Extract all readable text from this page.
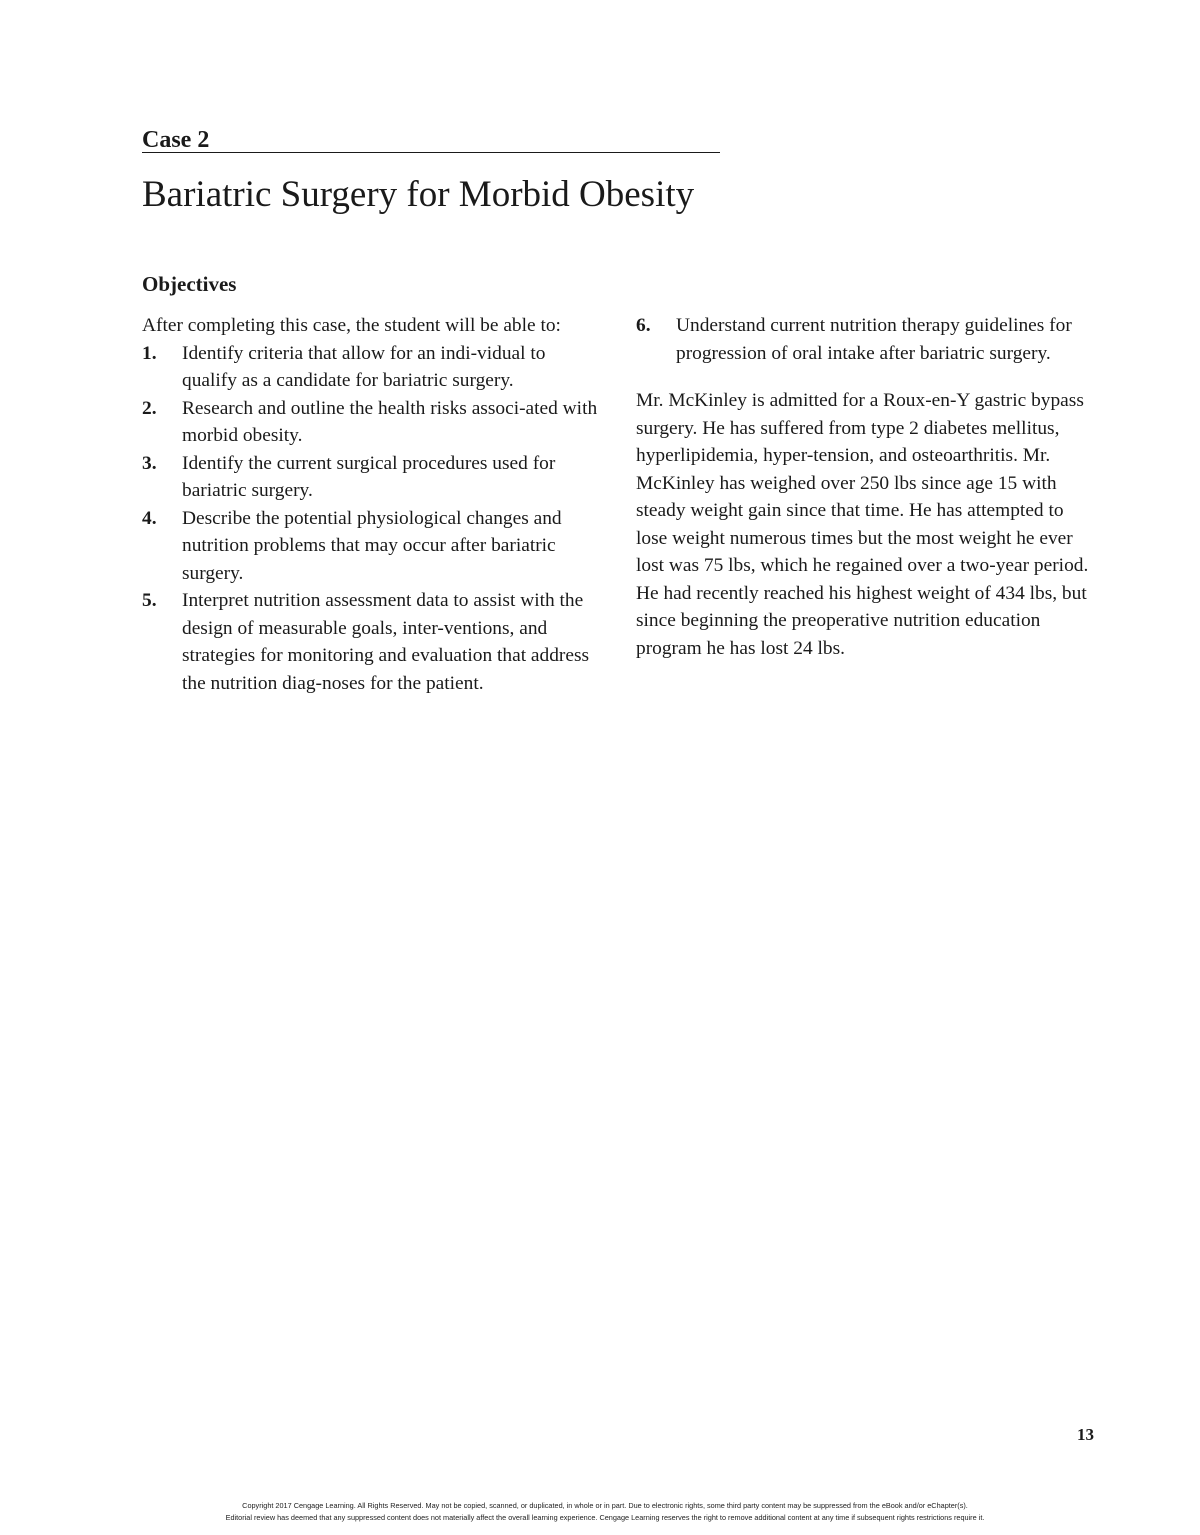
Case 2
Bariatric Surgery for Morbid Obesity
Objectives

After completing this case, the student will be able to:

1.	Identify criteria that allow for an indi-vidual to qualify as a candidate for bariatric surgery.
2.	Research and outline the health risks associ-ated with morbid obesity.
3.	Identify the current surgical procedures used for bariatric surgery.
4.	Describe the potential physiological changes and nutrition problems that may occur after bariatric surgery.
5.	Interpret nutrition assessment data to assist with the design of measurable goals, inter-ventions, and strategies for monitoring and evaluation that address the nutrition diag-noses for the patient.
6.	Understand current nutrition therapy guidelines for progression of oral intake after bariatric surgery.

Mr. McKinley is admitted for a Roux-en-Y gastric bypass surgery. He has suffered from type 2 diabetes mellitus, hyperlipidemia, hyper-tension, and osteoarthritis. Mr. McKinley has weighed over 250 lbs since age 15 with steady weight gain since that time. He has attempted to lose weight numerous times but the most weight he ever lost was 75 lbs, which he regained over a two-year period. He had recently reached his highest weight of 434 lbs, but since beginning the preoperative nutrition education program he has lost 24 lbs.

13
Copyright 2017 Cengage Learning. All Rights Reserved. May not be copied, scanned, or duplicated, in whole or in part. Due to electronic rights, some third party content may be suppressed from the eBook and/or eChapter(s).
Editorial review has deemed that any suppressed content does not materially affect the overall learning experience. Cengage Learning reserves the right to remove additional content at any time if subsequent rights restrictions require it.
